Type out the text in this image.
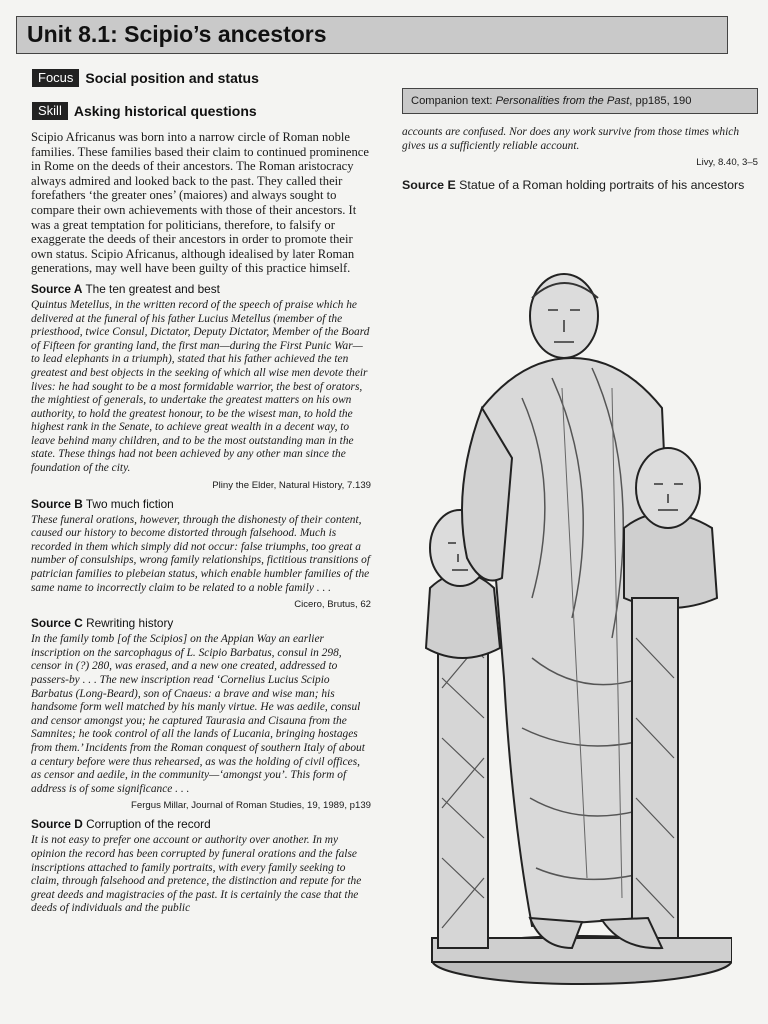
Unit 8.1: Scipio’s ancestors
Focus Social position and status
Skill Asking historical questions

Scipio Africanus was born into a narrow circle of Roman noble families. These families based their claim to continued prominence in Rome on the deeds of their ancestors. The Roman aristocracy always admired and looked back to the past. They called their forefathers ‘the greater ones’ (maiores) and always sought to compare their own achievements with those of their ancestors. It was a great temptation for politicians, therefore, to falsify or exaggerate the deeds of their ancestors in order to promote their own status. Scipio Africanus, although idealised by later Roman generations, may well have been guilty of this practice himself.

Source A The ten greatest and best

Quintus Metellus, in the written record of the speech of praise which he delivered at the funeral of his father Lucius Metellus (member of the priesthood, twice Consul, Dictator, Deputy Dictator, Member of the Board of Fifteen for granting land, the first man—during the First Punic War—to lead elephants in a triumph), stated that his father achieved the ten greatest and best objects in the seeking of which all wise men devote their lives: he had sought to be a most formidable warrior, the best of orators, the mightiest of generals, to undertake the greatest matters on his own authority, to hold the greatest honour, to be the wisest man, to hold the highest rank in the Senate, to achieve great wealth in a decent way, to leave behind many children, and to be the most outstanding man in the state. These things had not been achieved by any other man since the foundation of the city.

Pliny the Elder, Natural History, 7.139
Source B Two much fiction

These funeral orations, however, through the dishonesty of their content, caused our history to become distorted through falsehood. Much is recorded in them which simply did not occur: false triumphs, too great a number of consulships, wrong family relationships, fictitious transitions of patrician families to plebeian status, which enable humbler families of the same name to incorrectly claim to be related to a noble family . . .

Cicero, Brutus, 62
Source C Rewriting history

In the family tomb [of the Scipios] on the Appian Way an earlier inscription on the sarcophagus of L. Scipio Barbatus, consul in 298, censor in (?) 280, was erased, and a new one created, addressed to passers-by . . . The new inscription read ‘Cornelius Lucius Scipio Barbatus (Long-Beard), son of Cnaeus: a brave and wise man; his handsome form well matched by his manly virtue. He was aedile, consul and censor amongst you; he captured Taurasia and Cisauna from the Samnites; he took control of all the lands of Lucania, bringing hostages from them.’ Incidents from the Roman conquest of southern Italy of about a century before were thus rehearsed, as was the holding of civil offices, as censor and aedile, in the community—‘amongst you’. This form of address is of some significance . . .

Fergus Millar, Journal of Roman Studies, 19, 1989, p139
Source D Corruption of the record

It is not easy to prefer one account or authority over another. In my opinion the record has been corrupted by funeral orations and the false inscriptions attached to family portraits, with every family seeking to claim, through falsehood and pretence, the distinction and repute for the great deeds and magistracies of the past. It is certainly the case that the deeds of individuals and the public

Companion text: Personalities from the Past, pp185, 190

accounts are confused. Nor does any work survive from those times which gives us a sufficiently reliable account.

Livy, 8.40, 3–5
Source E Statue of a Roman holding portraits of his ancestors
